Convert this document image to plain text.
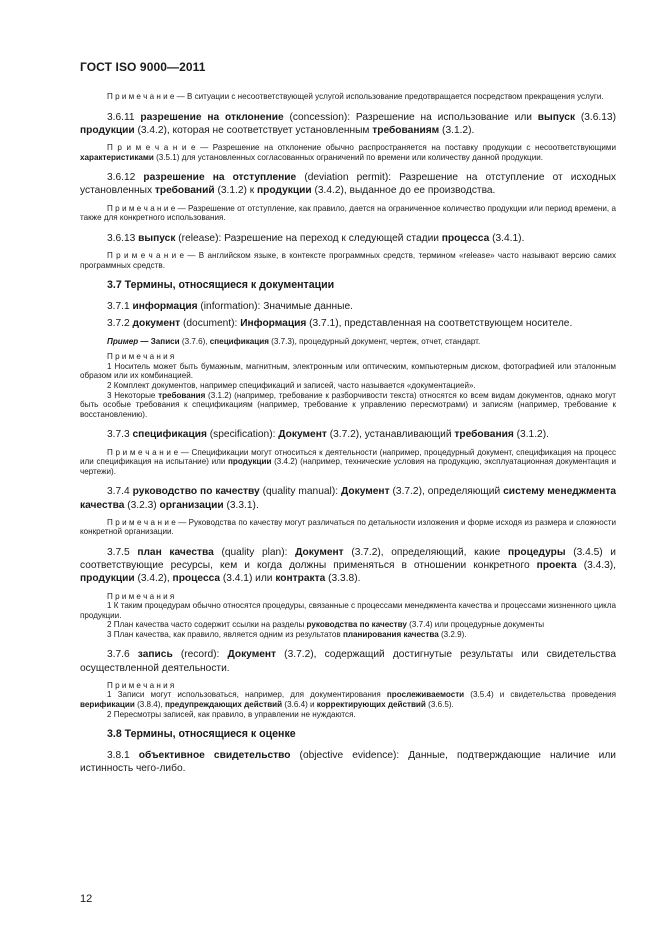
ГОСТ ISO 9000—2011

П р и м е ч а н и е — В ситуации с несоответствующей услугой использование предотвращается посредством прекращения услуги.

3.6.11 разрешение на отклонение (concession): Разрешение на использование или выпуск (3.6.13) продукции (3.4.2), которая не соответствует установленным требованиям (3.1.2).

П р и м е ч а н и е — Разрешение на отклонение обычно распространяется на поставку продукции с несоответствующими характеристиками (3.5.1) для установленных согласованных ограничений по времени или количеству данной продукции.

3.6.12 разрешение на отступление (deviation permit): Разрешение на отступление от исходных установленных требований (3.1.2) к продукции (3.4.2), выданное до ее производства.

П р и м е ч а н и е — Разрешение от отступление, как правило, дается на ограниченное количество продукции или период времени, а также для конкретного использования.

3.6.13 выпуск (release): Разрешение на переход к следующей стадии процесса (3.4.1).

П р и м е ч а н и е — В английском языке, в контексте программных средств, термином «release» часто называют версию самих программных средств.

3.7 Термины, относящиеся к документации

3.7.1 информация (information): Значимые данные.

3.7.2 документ (document): Информация (3.7.1), представленная на соответствующем носителе.

Пример — Записи (3.7.6), спецификация (3.7.3), процедурный документ, чертеж, отчет, стандарт.

П р и м е ч а н и я

1 Носитель может быть бумажным, магнитным, электронным или оптическим, компьютерным диском, фотографией или эталонным образом или их комбинацией.

2 Комплект документов, например спецификаций и записей, часто называется «документацией».

3 Некоторые требования (3.1.2) (например, требование к разборчивости текста) относятся ко всем видам документов, однако могут быть особые требования к спецификациям (например, требование к управлению пересмотрами) и записям (например, требование к восстановлению).

3.7.3 спецификация (specification): Документ (3.7.2), устанавливающий требования (3.1.2).

П р и м е ч а н и е — Спецификации могут относиться к деятельности (например, процедурный документ, спецификация на процесс или спецификация на испытание) или продукции (3.4.2) (например, технические условия на продукцию, эксплуатационная документация и чертежи).

3.7.4 руководство по качеству (quality manual): Документ (3.7.2), определяющий систему менеджмента качества (3.2.3) организации (3.3.1).

П р и м е ч а н и е — Руководства по качеству могут различаться по детальности изложения и форме исходя из размера и сложности конкретной организации.

3.7.5 план качества (quality plan): Документ (3.7.2), определяющий, какие процедуры (3.4.5) и соответствующие ресурсы, кем и когда должны применяться в отношении конкретного проекта (3.4.3), продукции (3.4.2), процесса (3.4.1) или контракта (3.3.8).

П р и м е ч а н и я

1 К таким процедурам обычно относятся процедуры, связанные с процессами менеджмента качества и процессами жизненного цикла продукции.

2 План качества часто содержит ссылки на разделы руководства по качеству (3.7.4) или процедурные документы

3 План качества, как правило, является одним из результатов планирования качества (3.2.9).

3.7.6 запись (record): Документ (3.7.2), содержащий достигнутые результаты или свидетельства осуществленной деятельности.

П р и м е ч а н и я

1 Записи могут использоваться, например, для документирования прослеживаемости (3.5.4) и свидетельства проведения верификации (3.8.4), предупреждающих действий (3.6.4) и корректирующих действий (3.6.5).

2 Пересмотры записей, как правило, в управлении не нуждаются.

3.8 Термины, относящиеся к оценке

3.8.1 объективное свидетельство (objective evidence): Данные, подтверждающие наличие или истинность чего-либо.

12
